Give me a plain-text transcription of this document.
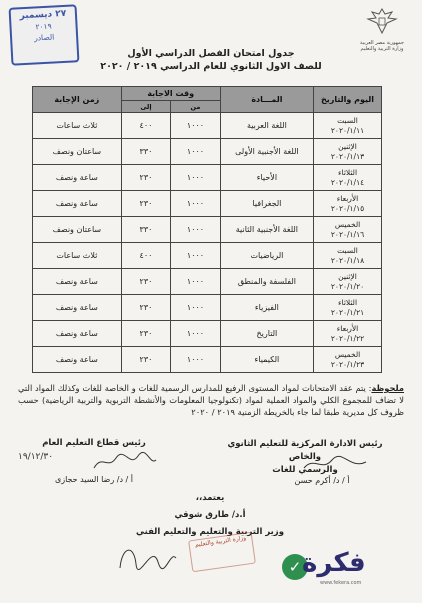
٢٧ ديسمبر
٢٠١٩
الصادر
جمهورية مصر العربية
وزارة التربية والتعليم
جدول امتحان الفصل الدراسي الأول
للصف الاول الثانوي للعام الدراسي ٢٠١٩ / ٢٠٢٠
اليوم والتاريخ	المـــادة	وقت الاجابة		زمن الإجابة
		من	إلى	

السبت
٢٠٢٠/١/١١	اللغة العربية	١٠٠٠	٤٠٠	ثلاث ساعات

الإثنين
٢٠٢٠/١/١٣	اللغة الأجنبية الأولى	١٠٠٠	٣٣٠	ساعتان ونصف

الثلاثاء
٢٠٢٠/١/١٤	الأحياء	١٠٠٠	٢٣٠	ساعة ونصف

الأربعاء
٢٠٢٠/١/١٥	الجغرافيا	١٠٠٠	٢٣٠	ساعة ونصف

الخميس
٢٠٢٠/١/١٦	اللغة الأجنبية الثانية	١٠٠٠	٣٣٠	ساعتان ونصف

السبت
٢٠٢٠/١/١٨	الرياضيات	١٠٠٠	٤٠٠	ثلاث ساعات

الإثنين
٢٠٢٠/١/٢٠	الفلسفة والمنطق	١٠٠٠	٢٣٠	ساعة ونصف

الثلاثاء
٢٠٢٠/١/٢١	الفيزياء	١٠٠٠	٢٣٠	ساعة ونصف

الأربعاء
٢٠٢٠/١/٢٢	التاريخ	١٠٠٠	٢٣٠	ساعة ونصف

الخميس
٢٠٢٠/١/٢٣	الكيمياء	١٠٠٠	٢٣٠	ساعة ونصف
ملحوظة: يتم عقد الامتحانات لمواد المستوى الرفيع للمدارس الرسمية للغات و الخاصة للغات وكذلك المواد التي لا تضاف للمجموع الكلي والمواد العملية لمواد (تكنولوجيا المعلومات والأنشطة التربوية والتربية الرياضية) حسب ظروف كل مديرية طبقا لما جاء بالخريطة الزمنية ٢٠١٩ / ٢٠٢٠
رئيس الادارة المركزية للتعليم الثانوي والخاص
والرسمي للغات
رئيس قطاع التعليم العام
١٩/١٢/٣٠
أ / د/ رضا السيد حجازى	أ / د/ أكرم حسن
يعتمد،،
أ.د/ طارق شوقي
وزير التربية والتعليم والتعليم الفني
وزارة التربية والتعليم
✓ فكرة
www.fekera.com
